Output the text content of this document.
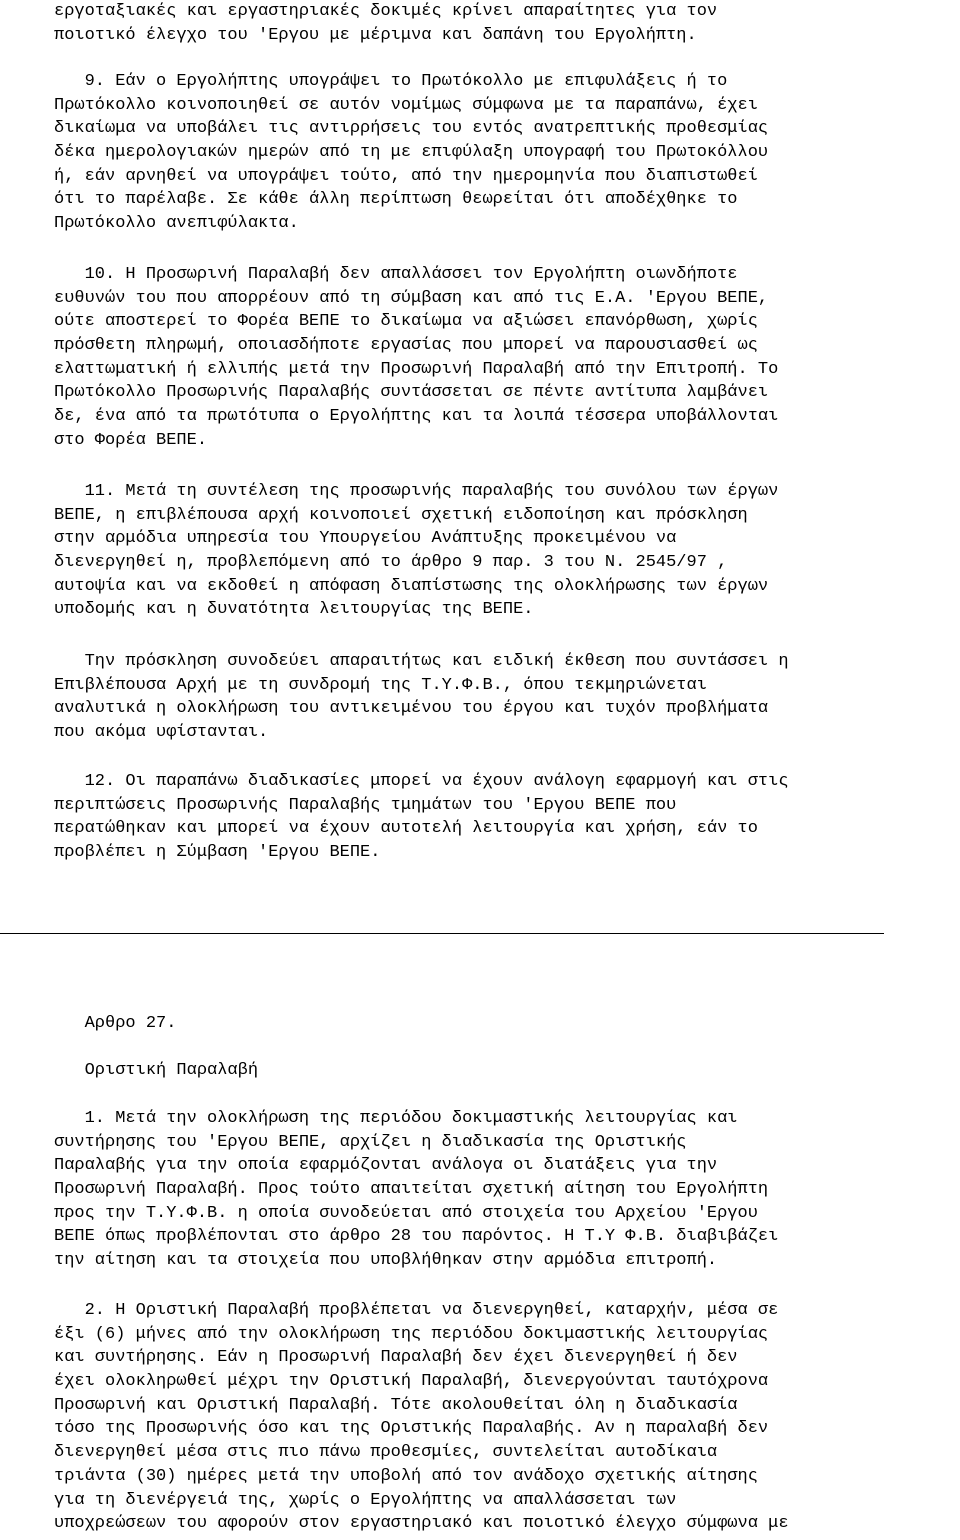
εργοταξιακές και εργαστηριακές δοκιμές κρίνει απαραίτητες για τον
ποιοτικό έλεγχο του 'Εργου με μέριμνα και δαπάνη του Εργολήπτη.
9. Εάν ο Εργολήπτης υπογράψει το Πρωτόκολλο με επιφυλάξεις ή το
Πρωτόκολλο κοινοποιηθεί σε αυτόν νομίμως σύμφωνα με τα παραπάνω, έχει
δικαίωμα να υποβάλει τις αντιρρήσεις του εντός ανατρεπτικής προθεσμίας
δέκα ημερολογιακών ημερών από τη με επιφύλαξη υπογραφή του Πρωτοκόλλου
ή, εάν αρνηθεί να υπογράψει τούτο, από την ημερομηνία που διαπιστωθεί
ότι το παρέλαβε. Σε κάθε άλλη περίπτωση θεωρείται ότι αποδέχθηκε το
Πρωτόκολλο ανεπιφύλακτα.
10. Η Προσωρινή Παραλαβή δεν απαλλάσσει τον Εργολήπτη οιωνδήποτε
ευθυνών του που απορρέουν από τη σύμβαση και από τις Ε.Α. 'Εργου ΒΕΠΕ,
ούτε αποστερεί το Φορέα ΒΕΠΕ το δικαίωμα να αξιώσει επανόρθωση, χωρίς
πρόσθετη πληρωμή, οποιασδήποτε εργασίας που μπορεί να παρουσιασθεί ως
ελαττωματική ή ελλιπής μετά την Προσωρινή Παραλαβή από την Επιτροπή. Το
Πρωτόκολλο Προσωρινής Παραλαβής συντάσσεται σε πέντε αντίτυπα λαμβάνει
δε, ένα από τα πρωτότυπα ο Εργολήπτης και τα λοιπά τέσσερα υποβάλλονται
στο Φορέα ΒΕΠΕ.
11. Μετά τη συντέλεση της προσωρινής παραλαβής του συνόλου των έργων
ΒΕΠΕ, η επιβλέπουσα αρχή κοινοποιεί σχετική ειδοποίηση και πρόσκληση
στην αρμόδια υπηρεσία του Υπουργείου Ανάπτυξης προκειμένου να
διενεργηθεί η, προβλεπόμενη από το άρθρο 9 παρ. 3 του Ν. 2545/97 ,
αυτοψία και να εκδοθεί η απόφαση διαπίστωσης της ολοκλήρωσης των έργων
υποδομής και η δυνατότητα λειτουργίας της ΒΕΠΕ.
Την πρόσκληση συνοδεύει απαραιτήτως και ειδική έκθεση που συντάσσει η
Επιβλέπουσα Αρχή με τη συνδρομή της Τ.Υ.Φ.Β., όπου τεκμηριώνεται
αναλυτικά η ολοκλήρωση του αντικειμένου του έργου και τυχόν προβλήματα
που ακόμα υφίστανται.
12. Οι παραπάνω διαδικασίες μπορεί να έχουν ανάλογη εφαρμογή και στις
περιπτώσεις Προσωρινής Παραλαβής τμημάτων του 'Εργου ΒΕΠΕ που
περατώθηκαν και μπορεί να έχουν αυτοτελή λειτουργία και χρήση, εάν το
προβλέπει η Σύμβαση 'Εργου ΒΕΠΕ.
Αρθρο 27.
Οριστική Παραλαβή
1. Μετά την ολοκλήρωση της περιόδου δοκιμαστικής λειτουργίας και
συντήρησης του 'Εργου ΒΕΠΕ, αρχίζει η διαδικασία της Οριστικής
Παραλαβής για την οποία εφαρμόζονται ανάλογα οι διατάξεις για την
Προσωρινή Παραλαβή. Προς τούτο απαιτείται σχετική αίτηση του Εργολήπτη
προς την Τ.Υ.Φ.Β. η οποία συνοδεύεται από στοιχεία του Αρχείου 'Εργου
ΒΕΠΕ όπως προβλέπονται στο άρθρο 28 του παρόντος. Η Τ.Υ Φ.Β. διαβιβάζει
την αίτηση και τα στοιχεία που υποβλήθηκαν στην αρμόδια επιτροπή.
2. Η Οριστική Παραλαβή προβλέπεται να διενεργηθεί, καταρχήν, μέσα σε
έξι (6) μήνες από την ολοκλήρωση της περιόδου δοκιμαστικής λειτουργίας
και συντήρησης. Εάν η Προσωρινή Παραλαβή δεν έχει διενεργηθεί ή δεν
έχει ολοκληρωθεί μέχρι την Οριστική Παραλαβή, διενεργούνται ταυτόχρονα
Προσωρινή και Οριστική Παραλαβή. Τότε ακολουθείται όλη η διαδικασία
τόσο της Προσωρινής όσο και της Οριστικής Παραλαβής. Αν η παραλαβή δεν
διενεργηθεί μέσα στις πιο πάνω προθεσμίες, συντελείται αυτοδίκαια
τριάντα (30) ημέρες μετά την υποβολή από τον ανάδοχο σχετικής αίτησης
για τη διενέργειά της, χωρίς ο Εργολήπτης να απαλλάσσεται των
υποχρεώσεων του αφορούν στον εργαστηριακό και ποιοτικό έλεγχο σύμφωνα με
